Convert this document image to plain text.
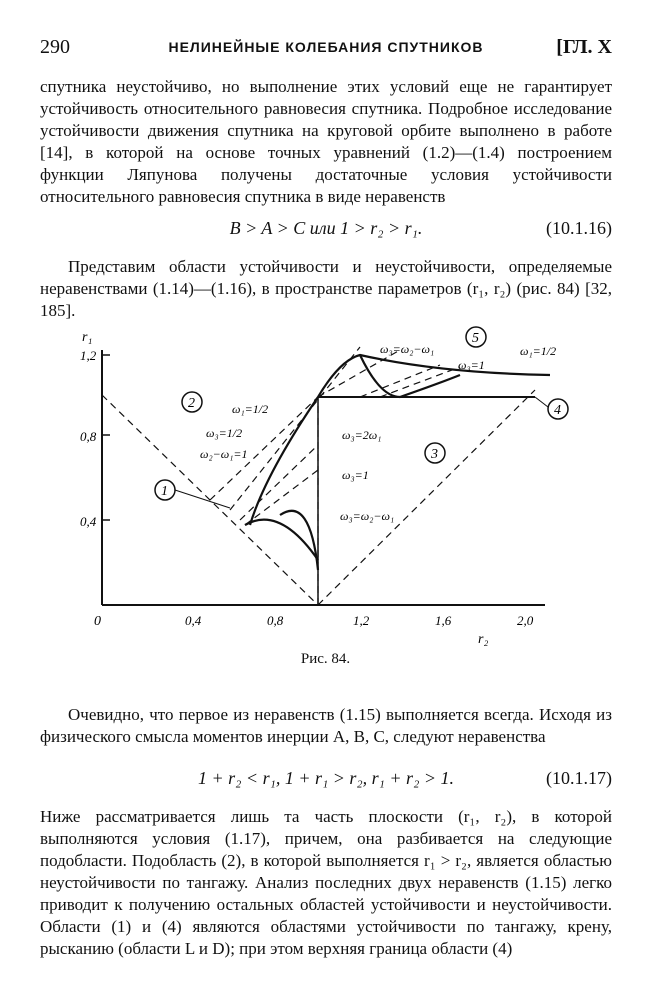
290	НЕЛИНЕЙНЫЕ КОЛЕБАНИЯ СПУТНИКОВ	[ГЛ. X
спутника неустойчиво, но выполнение этих условий еще не гарантирует устойчивость относительного равновесия спутника. Подробное исследование устойчивости движения спутника на круговой орбите выполнено в работе [14], в которой на основе точных уравнений (1.2)—(1.4) построением функции Ляпунова получены достаточные условия устойчивости относительного равновесия спутника в виде неравенств
B > A > C или 1 > r₂ > r₁.	(10.1.16)
Представим области устойчивости и неустойчивости, определяемые неравенствами (1.14)—(1.16), в пространстве параметров (r₁, r₂) (рис. 84) [32, 185].
1,2
0,8
0,4
r₁
0	0,4	0,8	1,2	1,6	2,0
r₂
1
2
3
4
5
ω₁=1/2
ω₃=1/2
ω₂−ω₁=1
ω₃=2ω₁
ω₃=1
ω₃=ω₂−ω₁
ω₃=ω₂−ω₁
ω₃=1
ω₁=1/2
Рис. 84.
Очевидно, что первое из неравенств (1.15) выполняется всегда. Исходя из физического смысла моментов инерции A, B, C, следуют неравенства
1 + r₂ < r₁, 1 + r₁ > r₂, r₁ + r₂ > 1.	(10.1.17)
Ниже рассматривается лишь та часть плоскости (r₁, r₂), в которой выполняются условия (1.17), причем, она разбивается на следующие подобласти. Подобласть (2), в которой выполняется r₁ > r₂, является областью неустойчивости по тангажу. Анализ последних двух неравенств (1.15) легко приводит к получению остальных областей устойчивости и неустойчивости. Области (1) и (4) являются областями устойчивости по тангажу, крену, рысканию (области L и D); при этом верхняя граница области (4)
